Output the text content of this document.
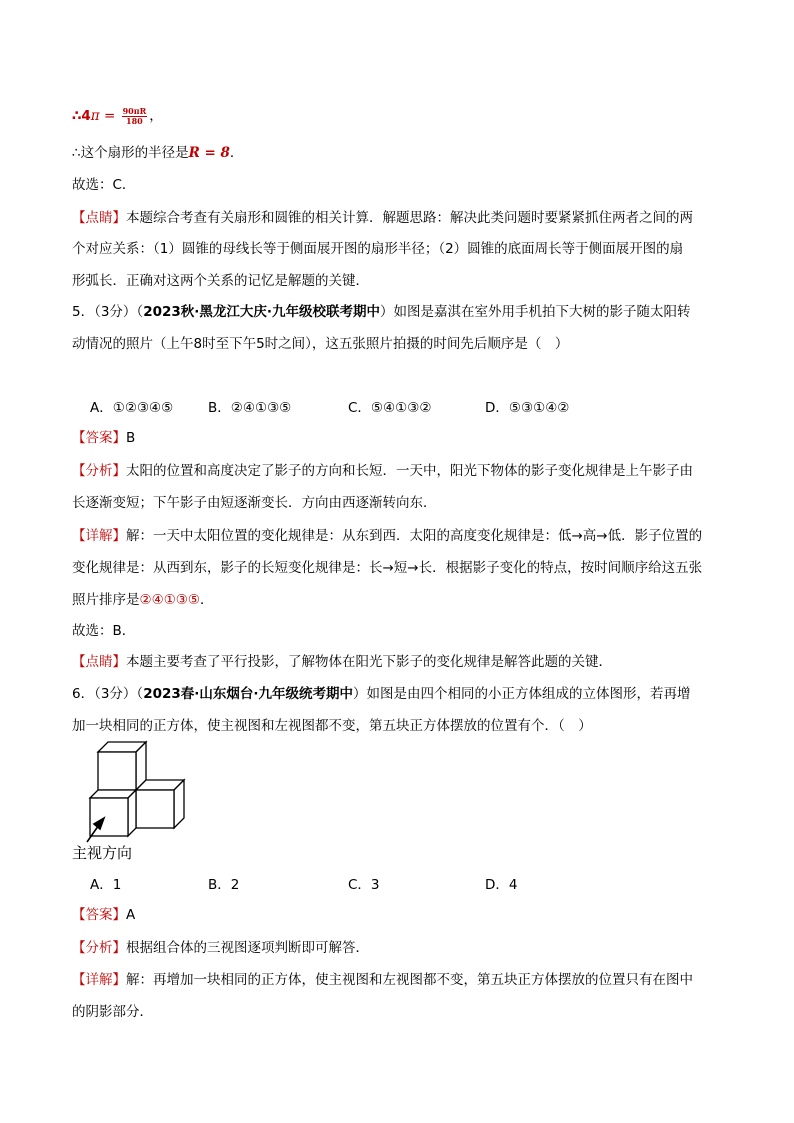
∴4π = $\frac{90\pi R}{180}$ ，
∴这个扇形的半径是R = 8．
故选：C．
【点睛】本题综合考查有关扇形和圆锥的相关计算．解题思路：解决此类问题时要紧紧抓住两者之间的两
个对应关系：（1）圆锥的母线长等于侧面展开图的扇形半径；（2）圆锥的底面周长等于侧面展开图的扇
形弧长．正确对这两个关系的记忆是解题的关键．
5．（3分）（2023秋·黑龙江大庆·九年级校联考期中）如图是嘉淇在室外用手机拍下大树的影子随太阳转
动情况的照片（上午8时至下午5时之间），这五张照片拍摄的时间先后顺序是（　）
A．①②③④⑤	B．②④①③⑤	C．⑤④①③②	D．⑤③①④②
【答案】B
【分析】太阳的位置和高度决定了影子的方向和长短．一天中，阳光下物体的影子变化规律是上午影子由
长逐渐变短；下午影子由短逐渐变长．方向由西逐渐转向东．
【详解】解：一天中太阳位置的变化规律是：从东到西．太阳的高度变化规律是：低→高→低．影子位置的
变化规律是：从西到东，影子的长短变化规律是：长→短→长．根据影子变化的特点，按时间顺序给这五张
照片排序是②④①③⑤．
故选：B．
【点睛】本题主要考查了平行投影，了解物体在阳光下影子的变化规律是解答此题的关键．
6．（3分）（2023春·山东烟台·九年级统考期中）如图是由四个相同的小正方体组成的立体图形，若再增
加一块相同的正方体，使主视图和左视图都不变，第五块正方体摆放的位置有个．（　）
主视方向
A．1	B．2	C．3	D．4
【答案】A
【分析】根据组合体的三视图逐项判断即可解答．
【详解】解：再增加一块相同的正方体，使主视图和左视图都不变，第五块正方体摆放的位置只有在图中
的阴影部分．
